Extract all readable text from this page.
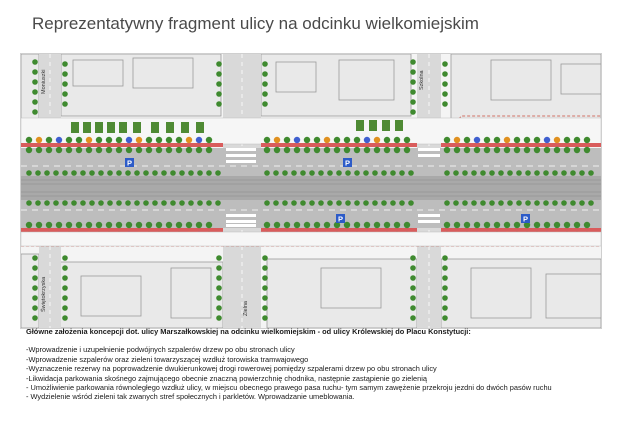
Reprezentatywny fragment ulicy na odcinku wielkomiejskim
P	P
P	P
Moniuszki
Zielna
Szkolna
Świętokrzyska
Główne założenia koncepcji dot. ulicy Marszałkowskiej na odcinku wielkomiejskim - od ulicy Królewskiej do Placu Konstytucji:

-Wprowadzenie i uzupełnienie podwójnych szpalerów drzew po obu stronach ulicy

-Wprowadzenie szpalerów oraz zieleni towarzyszącej wzdłuż torowiska tramwajowego

-Wyznaczenie rezerwy na poprowadzenie dwukierunkowej drogi rowerowej pomiędzy szpalerami drzew po obu stronach ulicy

-Likwidacja parkowania skośnego zajmującego obecnie znaczną powierzchnię chodnika, następnie zastąpienie go zielenią

- Umożliwienie parkowania równoległego wzdłuż ulicy, w miejscu obecnego prawego pasa ruchu- tym samym zawężenie przekroju jezdni do dwóch pasów ruchu

- Wydzielenie wśród zieleni tak zwanych stref społecznych i parkletów. Wprowadzanie umeblowania.
